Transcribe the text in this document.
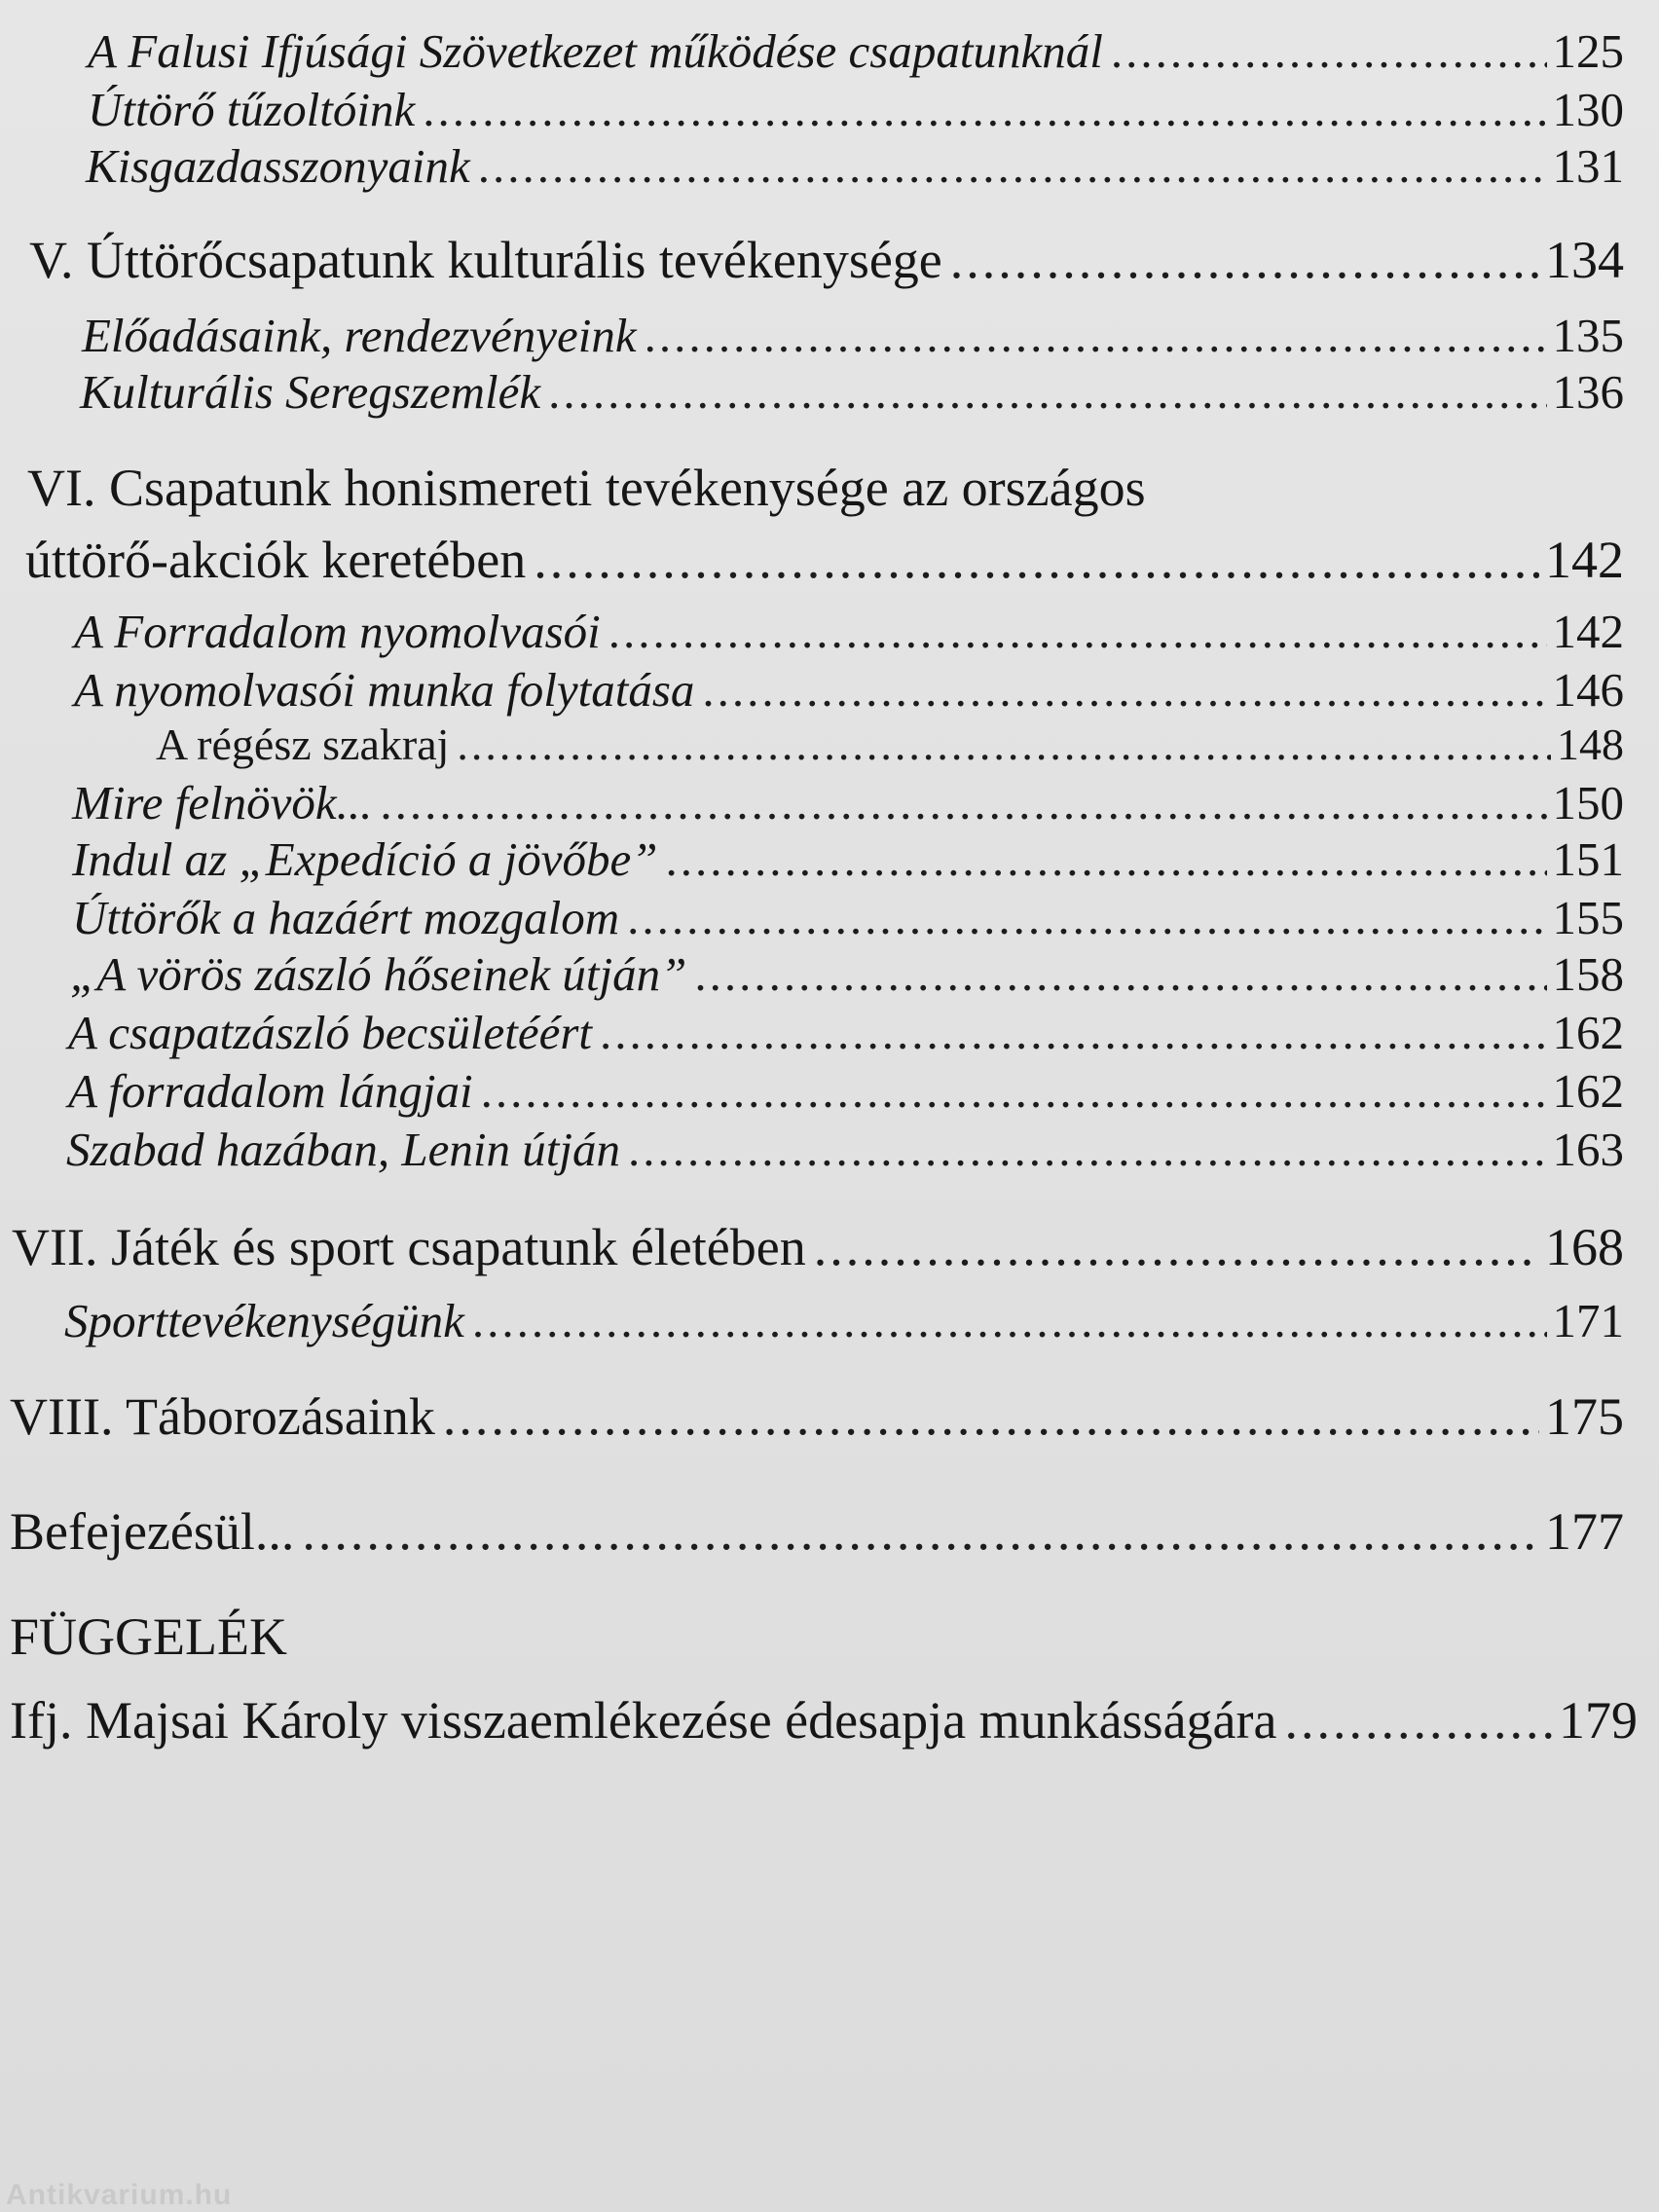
A Falusi Ifjúsági Szövetkezet működése csapatunknál .....	125
Úttörő tűzoltóink .....	130
Kisgazdasszonyaink .....	131
V. Úttörőcsapatunk kulturális tevékenysége .....	134
Előadásaink, rendezvényeink .....	135
Kulturális Seregszemlék .....	136
VI. Csapatunk honismereti tevékenysége az országos
úttörő-akciók keretében .....	142
A Forradalom nyomolvasói .....	142
A nyomolvasói munka folytatása .....	146
A régész szakraj .....	148
Mire felnövök... .....	150
Indul az „Expedíció a jövőbe” .....	151
Úttörők a hazáért mozgalom .....	155
„A vörös zászló hőseinek útján” .....	158
A csapatzászló becsületéért .....	162
A forradalom lángjai .....	162
Szabad hazában, Lenin útján .....	163
VII. Játék és sport csapatunk életében .....	168
Sporttevékenységünk .....	171
VIII. Táborozásaink .....	175
Befejezésül... .....	177
FÜGGELÉK
Ifj. Majsai Károly visszaemlékezése édesapja munkásságára .....	179
Antikvarium.hu
